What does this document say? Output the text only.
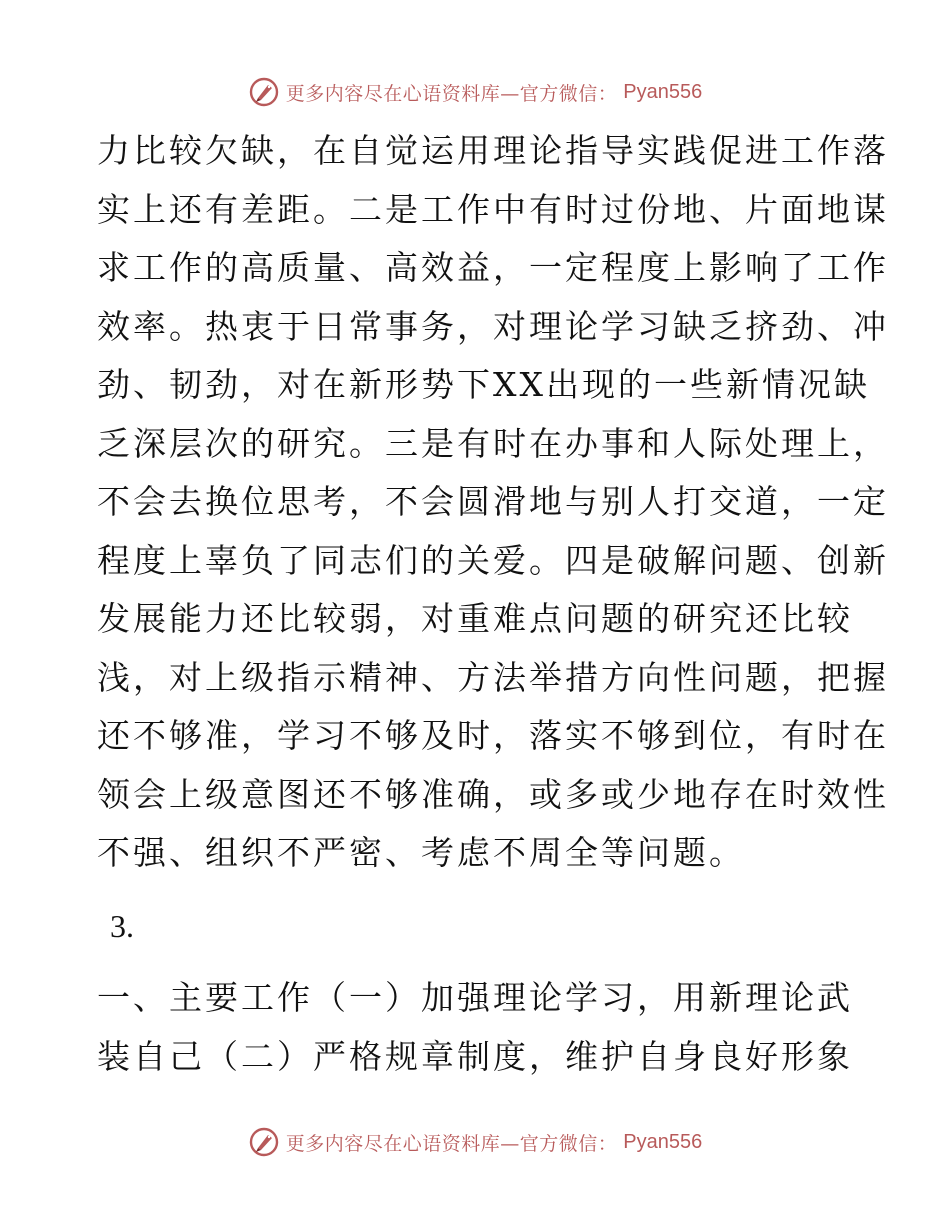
更多内容尽在心语资料库—官方微信： Pyan556
力比较欠缺，在自觉运用理论指导实践促进工作落
实上还有差距。二是工作中有时过份地、片面地谋
求工作的高质量、高效益，一定程度上影响了工作
效率。热衷于日常事务，对理论学习缺乏挤劲、冲
劲、韧劲，对在新形势下XX出现的一些新情况缺
乏深层次的研究。三是有时在办事和人际处理上，
不会去换位思考，不会圆滑地与别人打交道，一定
程度上辜负了同志们的关爱。四是破解问题、创新
发展能力还比较弱，对重难点问题的研究还比较
浅，对上级指示精神、方法举措方向性问题，把握
还不够准，学习不够及时，落实不够到位，有时在
领会上级意图还不够准确，或多或少地存在时效性
不强、组织不严密、考虑不周全等问题。
3.
一、主要工作（一）加强理论学习，用新理论武
装自己（二）严格规章制度，维护自身良好形象
更多内容尽在心语资料库—官方微信： Pyan556
